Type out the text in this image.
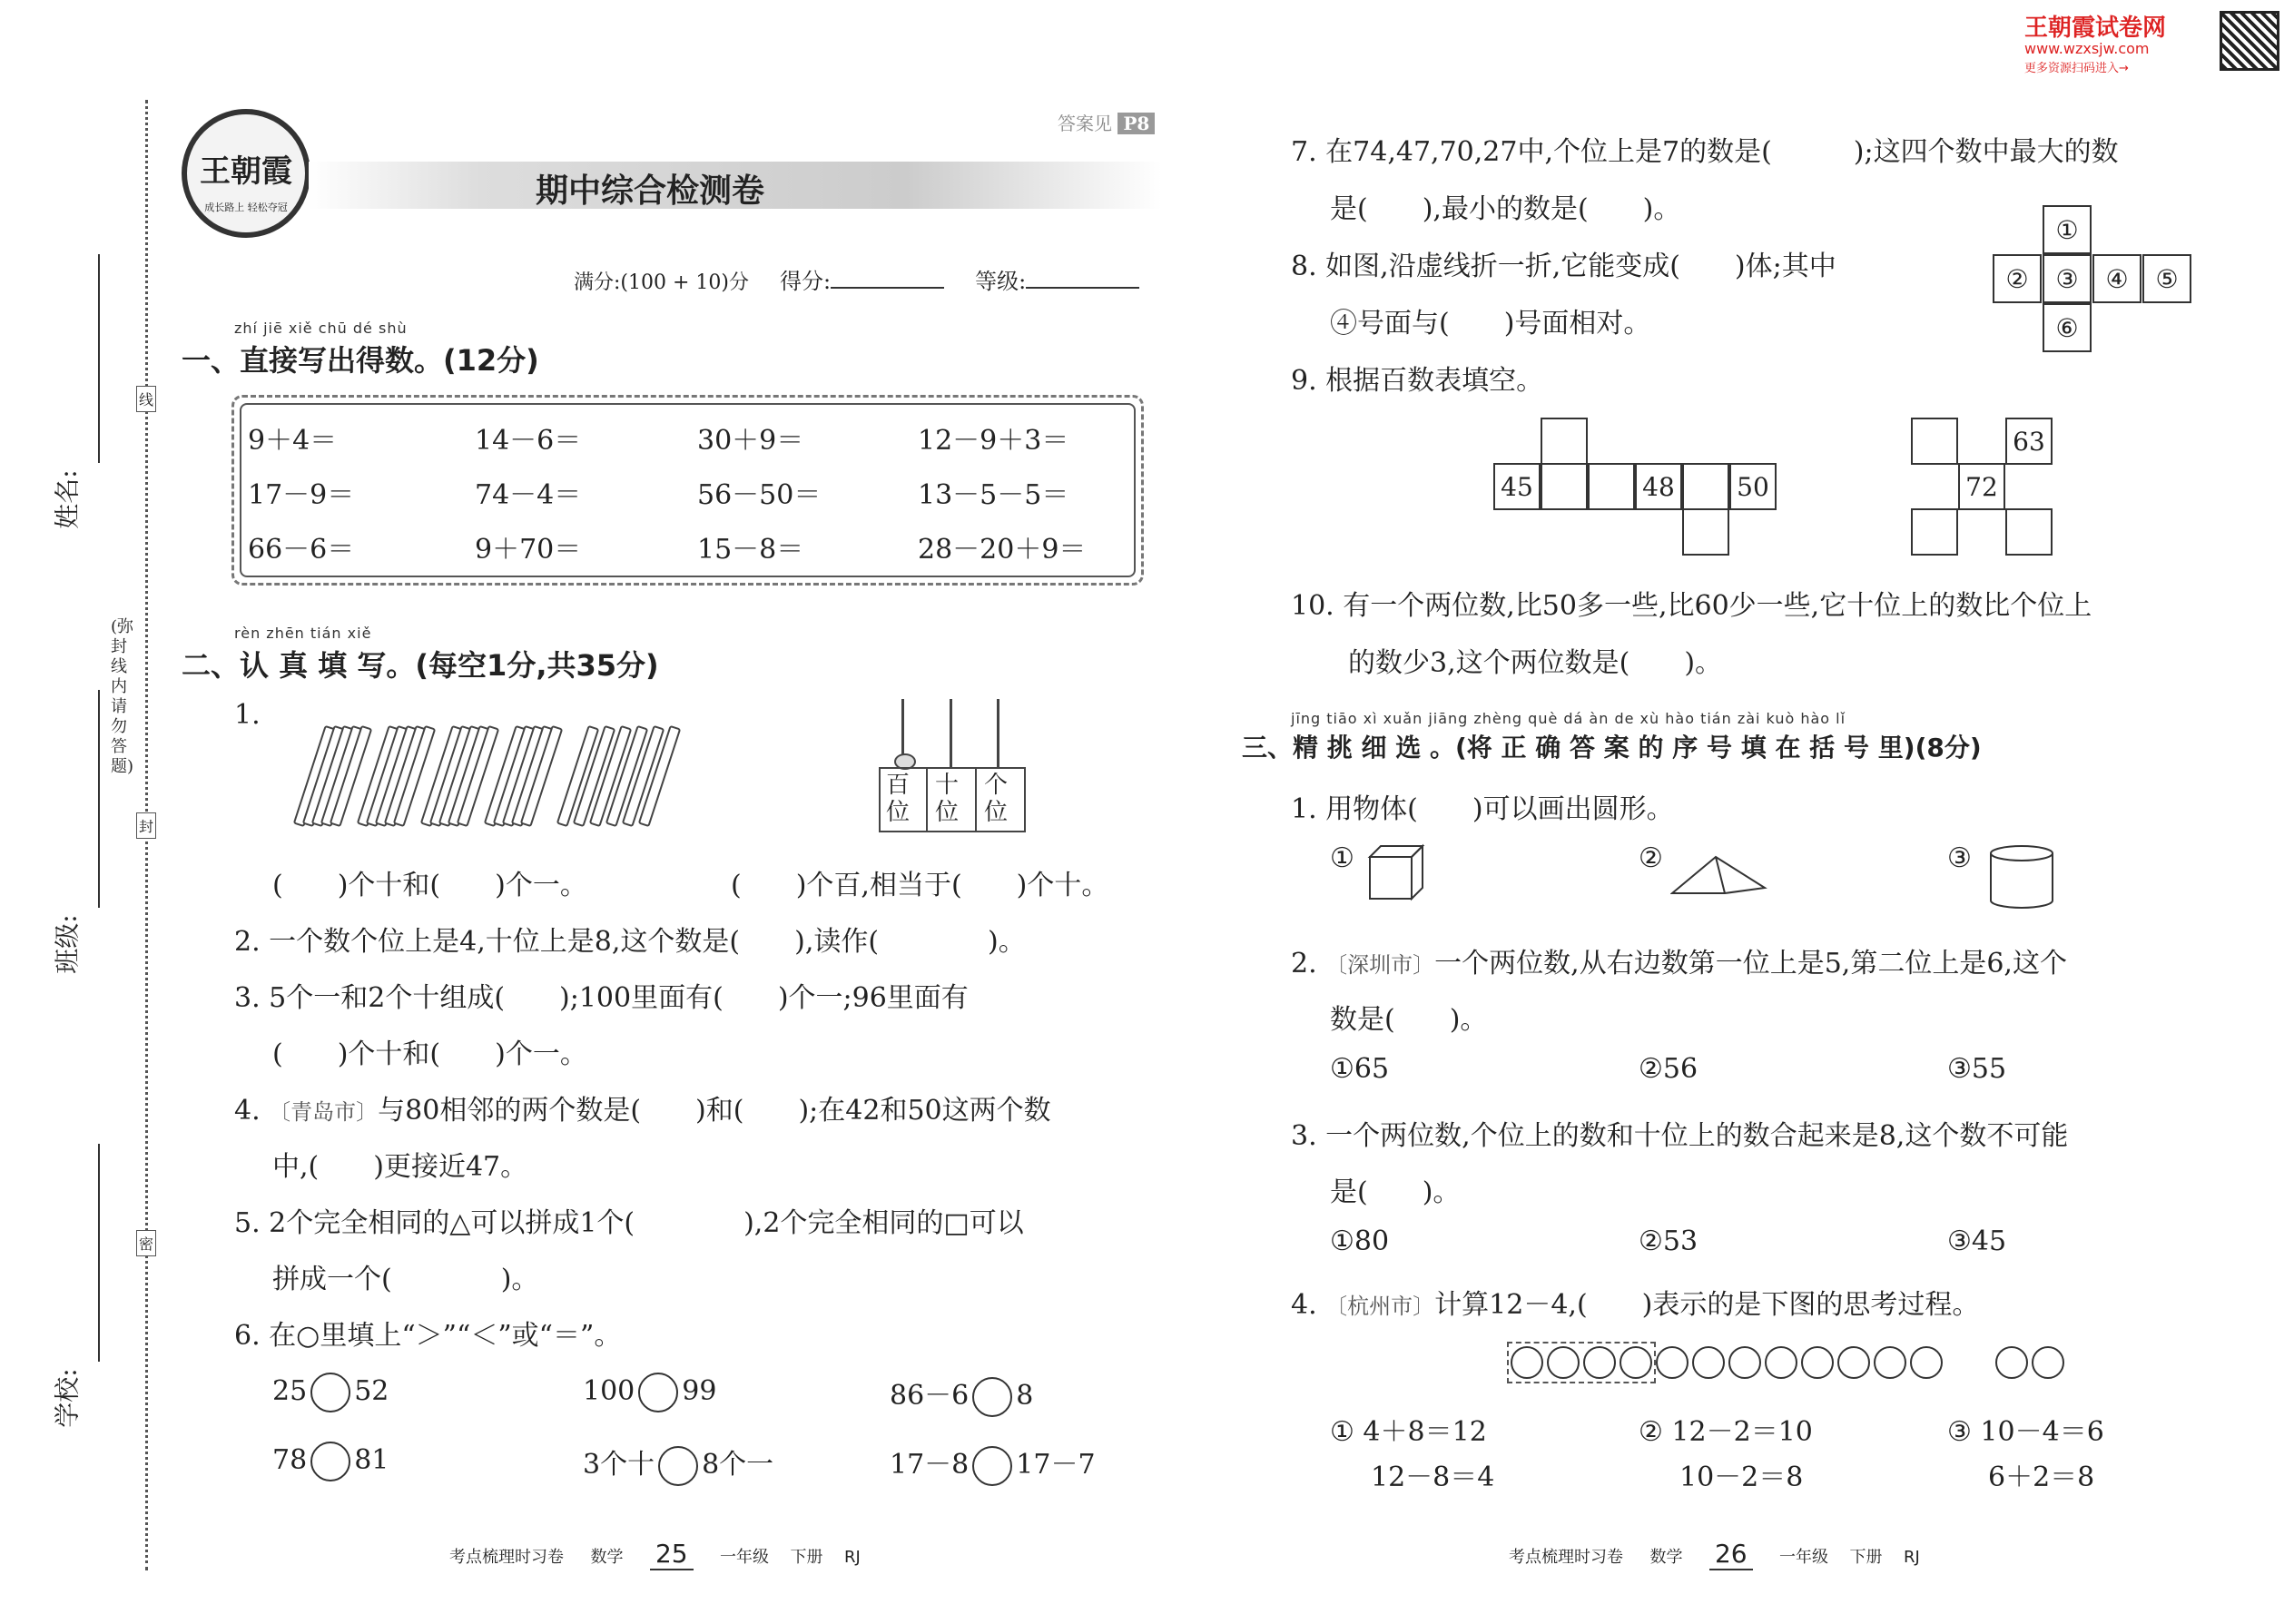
姓名:
班级:
学校:
(弥封线内请勿答题)
线
封
密
王朝霞
成长路上 轻松夺冠	期中综合检测卷
答案见 P8
满分:(100 + 10)分 得分:	等级:
zhí jiē xiě chū dé shù
一、直接写出得数。(12分)
9＋4＝	14－6＝	30＋9＝	12－9＋3＝
17－9＝	74－4＝	56－50＝	13－5－5＝
66－6＝	9＋70＝	15－8＝	28－20＋9＝
rèn zhēn tián xiě
二、认 真 填 写。(每空1分,共35分)
1.
百位
十位
个位
(　　)个十和(　　)个一。	(　　)个百,相当于(　　)个十。
2. 一个数个位上是4,十位上是8,这个数是(　　),读作(　　　　)。
3. 5个一和2个十组成(　　);100里面有(　　)个一;96里面有
(　　)个十和(　　)个一。
4. 〔青岛市〕与80相邻的两个数是(　　)和(　　);在42和50这两个数
中,(　　)更接近47。
5. 2个完全相同的△可以拼成1个(　　　　),2个完全相同的□可以
拼成一个(　　　　)。
6. 在○里填上“＞”“＜”或“＝”。
25 52	100 99	86－6 8
78 81	3个十 8个一	17－8 17－7
考点梳理时习卷 数学 25 一年级 下册 RJ
王朝霞试卷网
www.wzxsjw.com
更多资源扫码进入→
7. 在74,47,70,27中,个位上是7的数是(　　　);这四个数中最大的数
是(　　),最小的数是(　　)。
8. 如图,沿虚线折一折,它能变成(　　)体;其中
④号面与(　　)号面相对。
①
②	③	④	⑤
⑥
9. 根据百数表填空。
45	48 50
63
72
10. 有一个两位数,比50多一些,比60少一些,它十位上的数比个位上
的数少3,这个两位数是(　　)。
jīng tiāo xì xuǎn jiāng zhèng què dá àn de xù hào tián zài kuò hào lǐ
三、精 挑 细 选 。(将 正 确 答 案 的 序 号 填 在 括 号 里)(8分)
1. 用物体(　　)可以画出圆形。
①	②	③
2. 〔深圳市〕一个两位数,从右边数第一位上是5,第二位上是6,这个
数是(　　)。
①65	②56	③55
3. 一个两位数,个位上的数和十位上的数合起来是8,这个数不可能
是(　　)。
①80	②53	③45
4. 〔杭州市〕计算12－4,(　　)表示的是下图的思考过程。

① 4＋8＝12
12－8＝4
② 12－2＝10
10－2＝8
③ 10－4＝6
6＋2＝8
考点梳理时习卷 数学 26 一年级 下册 RJ
